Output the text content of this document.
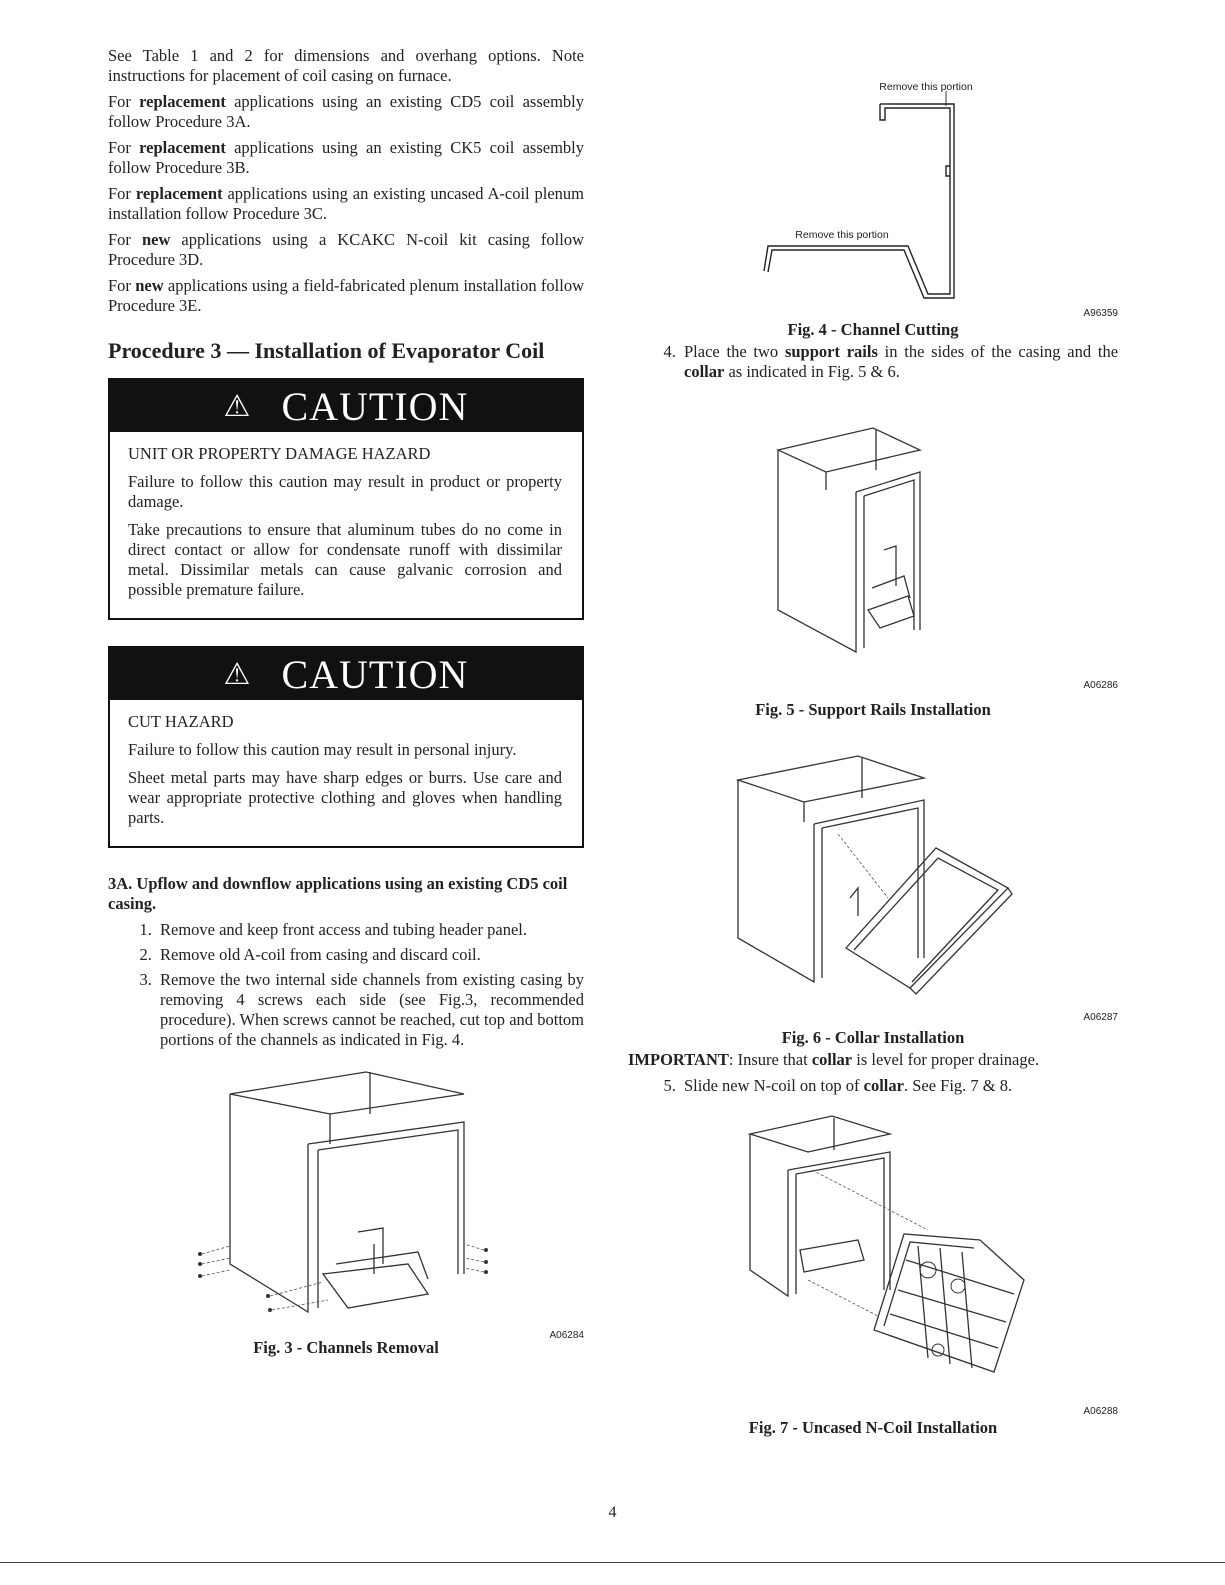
See Table 1 and 2 for dimensions and overhang options. Note instructions for placement of coil casing on furnace.

For replacement applications using an existing CD5 coil assembly follow Procedure 3A.

For replacement applications using an existing CK5 coil assembly follow Procedure 3B.

For replacement applications using an existing uncased A-coil plenum installation follow Procedure 3C.

For new applications using a KCAKC N-coil kit casing follow Procedure 3D.

For new applications using a field-fabricated plenum installation follow Procedure 3E.

Procedure 3 — Installation of Evaporator Coil
⚠ CAUTION

UNIT OR PROPERTY DAMAGE HAZARD

Failure to follow this caution may result in product or property damage.

Take precautions to ensure that aluminum tubes do no come in direct contact or allow for condensate runoff with dissimilar metal. Dissimilar metals can cause galvanic corrosion and possible premature failure.

⚠ CAUTION

CUT HAZARD

Failure to follow this caution may result in personal injury.

Sheet metal parts may have sharp edges or burrs. Use care and wear appropriate protective clothing and gloves when handling parts.

3A. Upflow and downflow applications using an existing CD5 coil casing.
1. Remove and keep front access and tubing header panel.
2. Remove old A-coil from casing and discard coil.
3. Remove the two internal side channels from existing casing by removing 4 screws each side (see Fig.3, recommended procedure). When screws cannot be reached, cut top and bottom portions of the channels as indicated in Fig. 4.
A06284
Fig. 3 - Channels Removal
Remove this portion
Remove this portion
A96359
Fig. 4 - Channel Cutting
4. Place the two support rails in the sides of the casing and the collar as indicated in Fig. 5 & 6.
A06286
Fig. 5 - Support Rails Installation
A06287
Fig. 6 - Collar Installation

IMPORTANT: Insure that collar is level for proper drainage.

5. Slide new N-coil on top of collar. See Fig. 7 & 8.
A06288
Fig. 7 - Uncased N-Coil Installation
4
